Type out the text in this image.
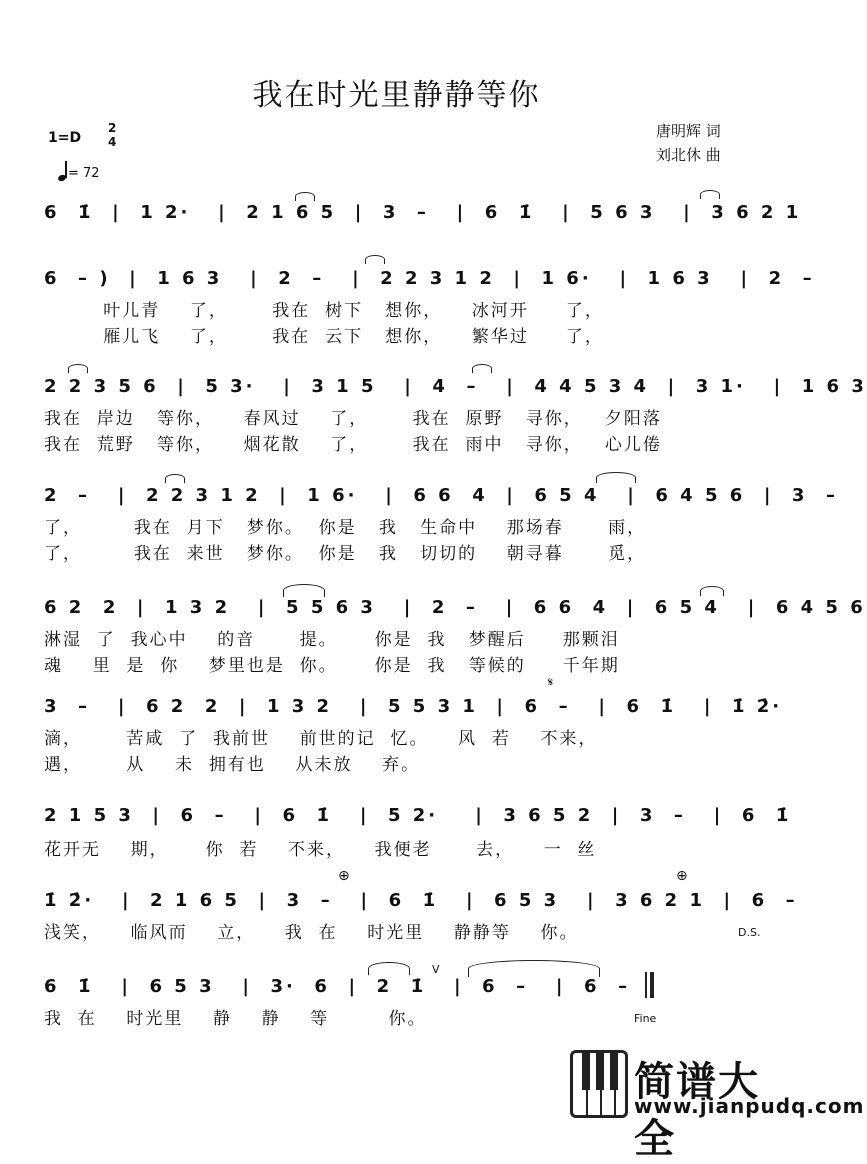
我在时光里静静等你
1=D
2
4
= 72
唐明辉 词
刘北休 曲
6  1̇  |  1 2·   |  2 1 6 5  |  3  –   |  6  1̇   |  5 6 3   |  3 6 2 1
6  – )  |  1 6 3   |  2  –   |  2 2 3 1 2  |  1 6·   |  1 6 3   |  2  –
叶儿青    了，      我在  树下   想你，    冰河开     了，
雁儿飞    了，      我在  云下   想你，    繁华过     了，
2 2 3 5 6  |  5 3·   |  3 1 5   |  4  –   |  4 4 5 3 4  |  3 1·   |  1 6 3
我在  岸边   等你，    春风过    了，      我在  原野   寻你，   夕阳落
我在  荒野   等你，    烟花散    了，      我在  雨中   寻你，   心儿倦
2  –   |  2 2 3 1 2  |  1 6·   |  6 6  4  |  6 5 4   |  6 4 5 6  |  3  –
了，       我在  月下   梦你。  你是   我   生命中    那场春      雨，
了，       我在  来世   梦你。  你是   我   切切的    朝寻暮      觅，
6 2  2  |  1 3 2   |  5 5 6 3   |  2  –   |  6 6  4  |  6 5 4   |  6 4 5 6
淋湿  了  我心中    的音      提。     你是  我   梦醒后     那颗泪
魂    里  是  你    梦里也是  你。     你是  我   等候的     千年期
3  –   |  6 2  2  |  1 3 2   |  5 5 3 1  |  6  –   |  6  1̇   |  1̇ 2̇·
滴，      苦咸  了  我前世    前世的记  忆。    风  若    不来，
遇，      从    未  拥有也    从未放    弃。
2 1 5 3  |  6  –   |  6  1̇   |  5 2·    |  3 6 5 2  |  3  –   |  6  1̇
花开无    期，     你  若    不来，    我便老      去，    一  丝
1̇ 2̇·   |  2 1 6 5  |  3  –   |  6  1̇   |  6 5 3   |  3 6 2 1  |  6  –
浅笑，    临风而    立，    我  在    时光里    静静等    你。
6  1̇   |  6 5 3   |  3·  6  |  2  1̇   |  6  –   |  6  –
我  在    时光里    静    静    等        你。
𝄋
⊕	⊕
D.S.
V
Fine
简谱大全
www.jianpudq.com
